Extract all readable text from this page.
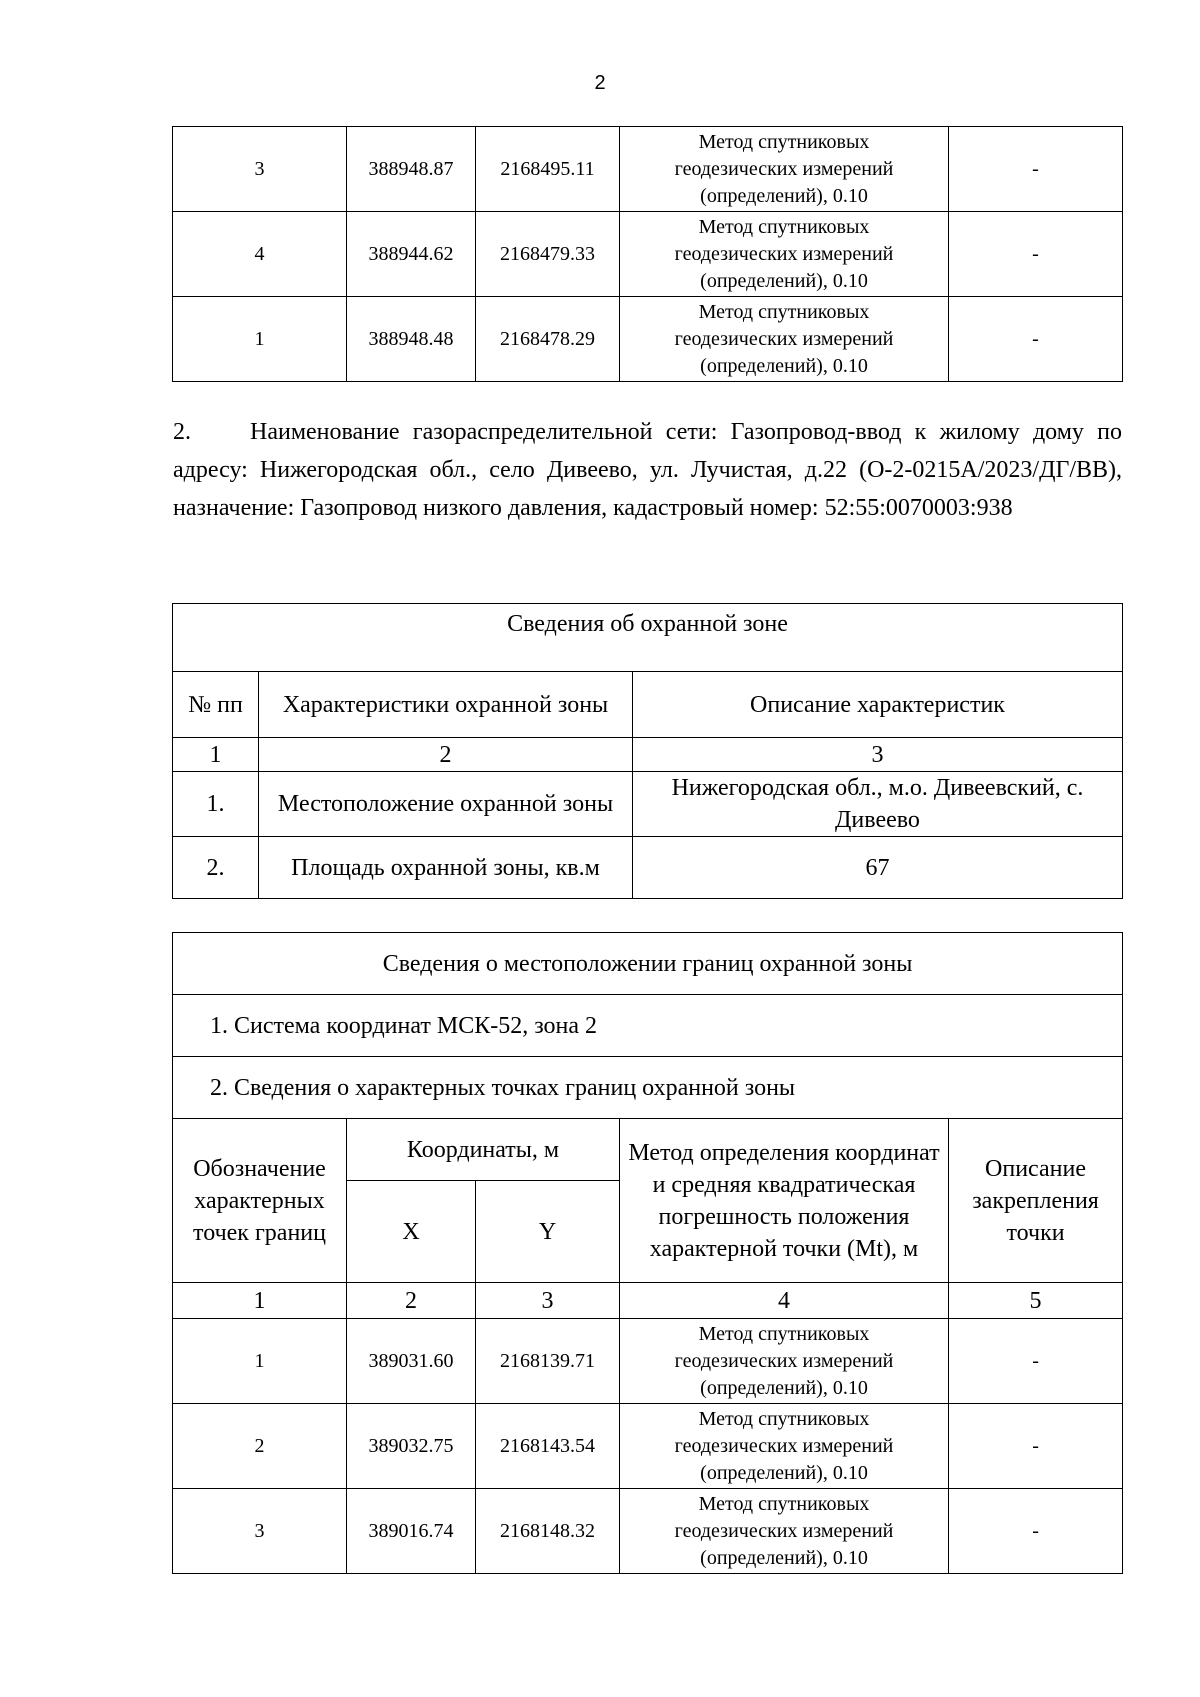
2
3	388948.87	2168495.11	Метод спутниковых
геодезических измерений
(определений), 0.10	-
4	388944.62	2168479.33	Метод спутниковых
геодезических измерений
(определений), 0.10	-
1	388948.48	2168478.29	Метод спутниковых
геодезических измерений
(определений), 0.10	-
2. Наименование газораспределительной сети: Газопровод-ввод к жилому дому по адресу: Нижегородская обл., село Дивеево, ул. Лучистая, д.22 (О-2-0215А/2023/ДГ/ВВ), назначение: Газопровод низкого давления, кадастровый номер: 52:55:0070003:938
Сведения об охранной зоне		
№ пп	Характеристики охранной зоны	Описание характеристик
1	2	3
1.	Местоположение охранной зоны	Нижегородская обл., м.о. Дивеевский, с. Дивеево
2.	Площадь охранной зоны, кв.м	67
Сведения о местоположении границ охранной зоны				
1. Система координат МСК-52, зона 2				
2. Сведения о характерных точках границ охранной зоны				
Обозначение характерных точек границ	Координаты, м		Метод определения координат и средняя квадратическая погрешность положения характерной точки (Mt), м	Описание закрепления точки
	X	Y		
1	2	3	4	5
1	389031.60	2168139.71	Метод спутниковых
геодезических измерений
(определений), 0.10	-
2	389032.75	2168143.54	Метод спутниковых
геодезических измерений
(определений), 0.10	-
3	389016.74	2168148.32	Метод спутниковых
геодезических измерений
(определений), 0.10	-
